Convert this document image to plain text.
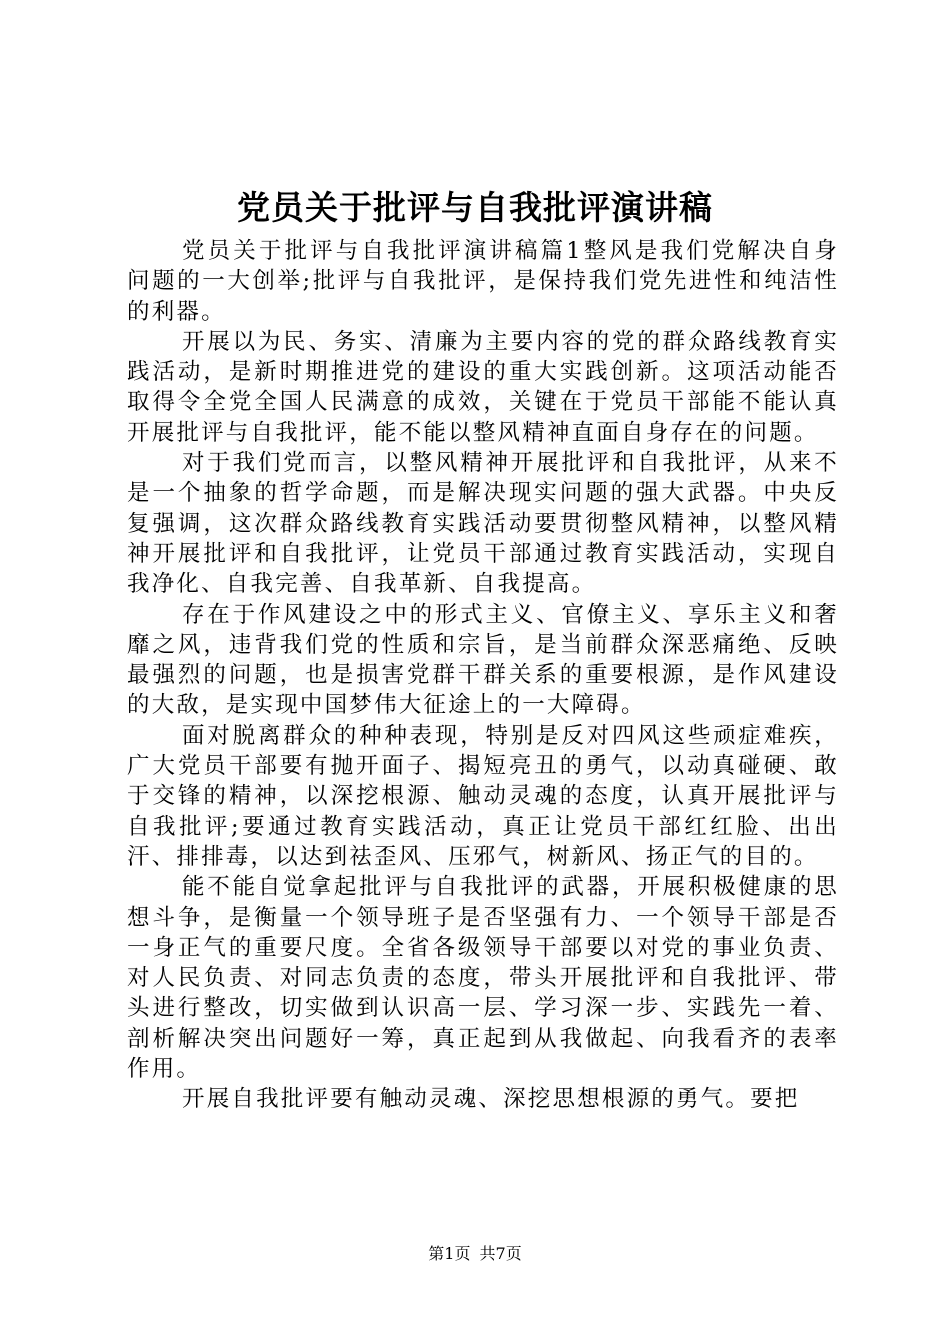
党员关于批评与自我批评演讲稿

党员关于批评与自我批评演讲稿篇1整风是我们党解决自身问题的一大创举;批评与自我批评，是保持我们党先进性和纯洁性的利器。

开展以为民、务实、清廉为主要内容的党的群众路线教育实践活动，是新时期推进党的建设的重大实践创新。这项活动能否取得令全党全国人民满意的成效，关键在于党员干部能不能认真开展批评与自我批评，能不能以整风精神直面自身存在的问题。

对于我们党而言，以整风精神开展批评和自我批评，从来不是一个抽象的哲学命题，而是解决现实问题的强大武器。中央反复强调，这次群众路线教育实践活动要贯彻整风精神，以整风精神开展批评和自我批评，让党员干部通过教育实践活动，实现自我净化、自我完善、自我革新、自我提高。

存在于作风建设之中的形式主义、官僚主义、享乐主义和奢靡之风，违背我们党的性质和宗旨，是当前群众深恶痛绝、反映最强烈的问题，也是损害党群干群关系的重要根源，是作风建设的大敌，是实现中国梦伟大征途上的一大障碍。

面对脱离群众的种种表现，特别是反对四风这些顽症难疾，广大党员干部要有抛开面子、揭短亮丑的勇气，以动真碰硬、敢于交锋的精神，以深挖根源、触动灵魂的态度，认真开展批评与自我批评;要通过教育实践活动，真正让党员干部红红脸、出出汗、排排毒，以达到祛歪风、压邪气，树新风、扬正气的目的。

能不能自觉拿起批评与自我批评的武器，开展积极健康的思想斗争，是衡量一个领导班子是否坚强有力、一个领导干部是否一身正气的重要尺度。全省各级领导干部要以对党的事业负责、对人民负责、对同志负责的态度，带头开展批评和自我批评、带头进行整改，切实做到认识高一层、学习深一步、实践先一着、剖析解决突出问题好一筹，真正起到从我做起、向我看齐的表率作用。

开展自我批评要有触动灵魂、深挖思想根源的勇气。要把

第1页 共7页
